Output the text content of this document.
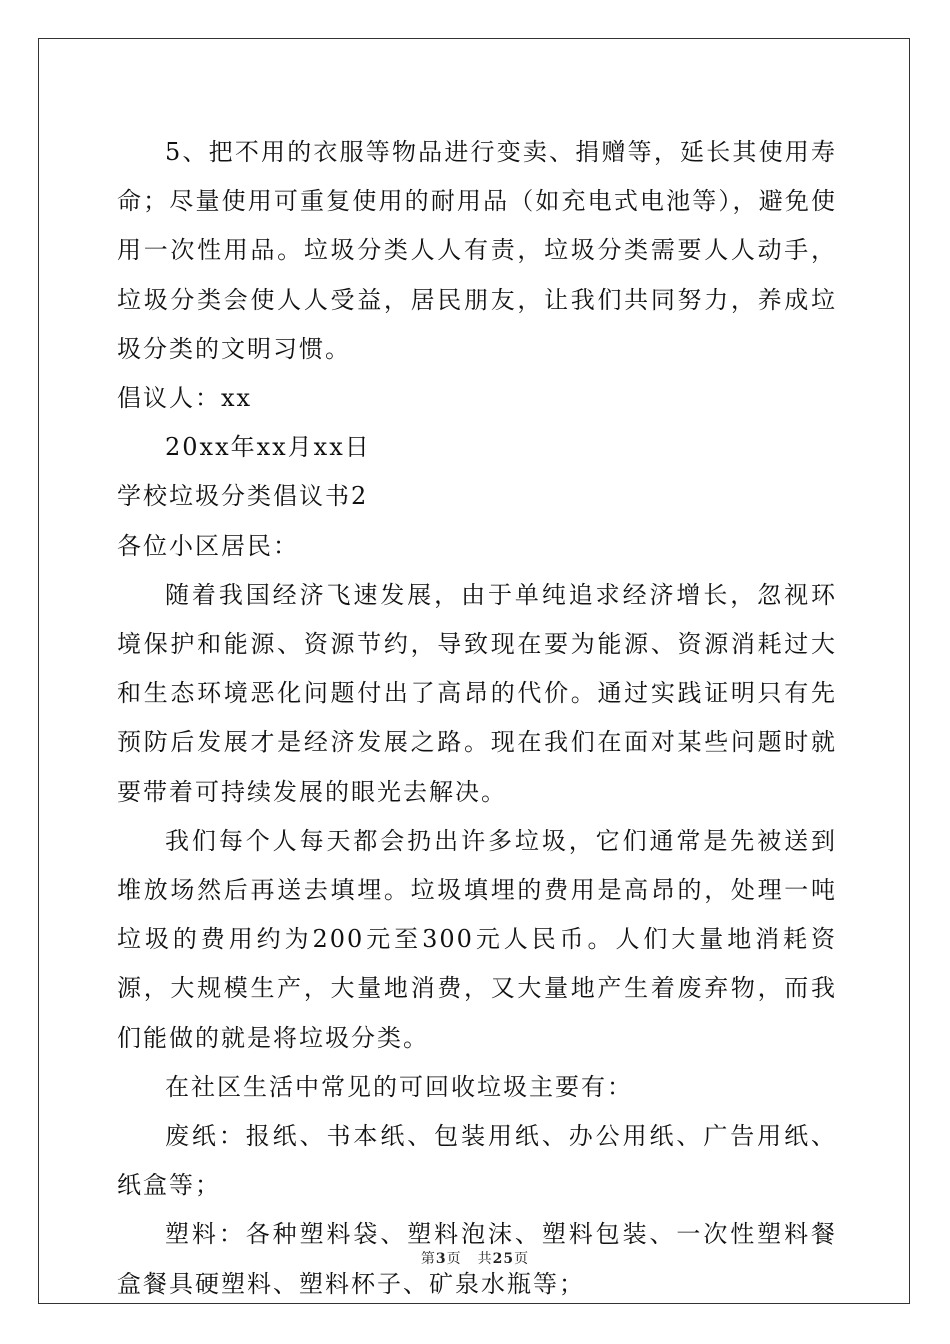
5、把不用的衣服等物品进行变卖、捐赠等，延长其使用寿命；尽量使用可重复使用的耐用品（如充电式电池等），避免使用一次性用品。垃圾分类人人有责，垃圾分类需要人人动手，垃圾分类会使人人受益，居民朋友，让我们共同努力，养成垃圾分类的文明习惯。

倡议人：xx

20xx年xx月xx日

学校垃圾分类倡议书2

各位小区居民：

随着我国经济飞速发展，由于单纯追求经济增长，忽视环境保护和能源、资源节约，导致现在要为能源、资源消耗过大和生态环境恶化问题付出了高昂的代价。通过实践证明只有先预防后发展才是经济发展之路。现在我们在面对某些问题时就要带着可持续发展的眼光去解决。

我们每个人每天都会扔出许多垃圾，它们通常是先被送到堆放场然后再送去填埋。垃圾填埋的费用是高昂的，处理一吨垃圾的费用约为200元至300元人民币。人们大量地消耗资源，大规模生产，大量地消费，又大量地产生着废弃物，而我们能做的就是将垃圾分类。

在社区生活中常见的可回收垃圾主要有：

废纸：报纸、书本纸、包装用纸、办公用纸、广告用纸、纸盒等；

塑料：各种塑料袋、塑料泡沫、塑料包装、一次性塑料餐盒餐具硬塑料、塑料杯子、矿泉水瓶等；

第3页 共25页
